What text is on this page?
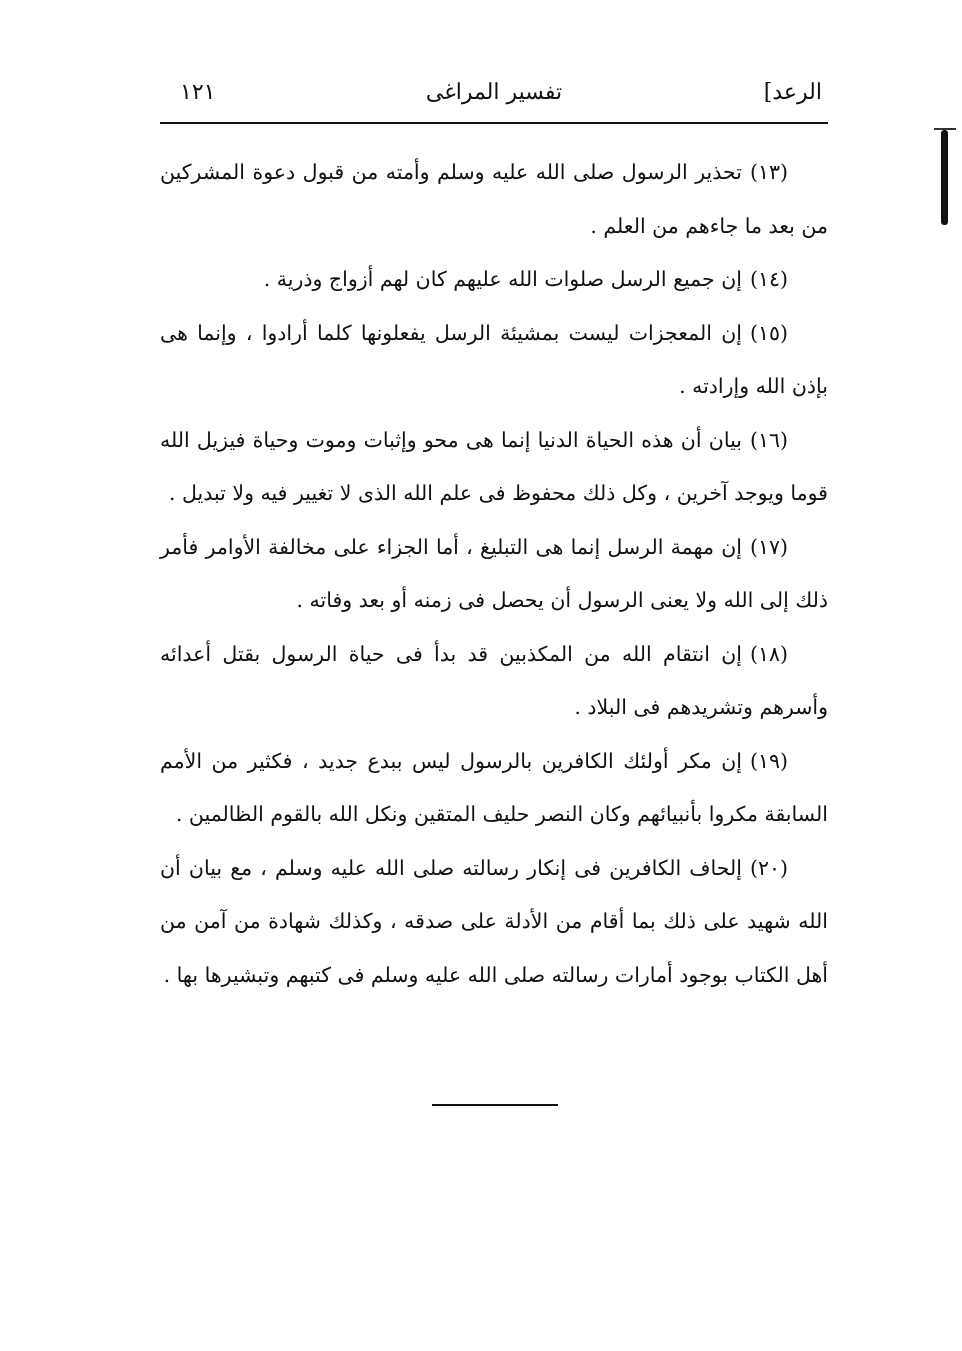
الرعد]
تفسير المراغى
١٢١

(١٣)تحذير الرسول صلى الله عليه وسلم وأمته من قبول دعوة المشركين من بعد ما جاءهم من العلم .

(١٤)إن جميع الرسل صلوات الله عليهم كان لهم أزواج وذرية .

(١٥)إن المعجزات ليست بمشيئة الرسل يفعلونها كلما أرادوا ، وإنما هى بإذن الله وإرادته .

(١٦)بيان أن هذه الحياة الدنيا إنما هى محو وإثبات وموت وحياة فيزيل الله قوما ويوجد آخرين ، وكل ذلك محفوظ فى علم الله الذى لا تغيير فيه ولا تبديل .

(١٧)إن مهمة الرسل إنما هى التبليغ ، أما الجزاء على مخالفة الأوامر فأمر ذلك إلى الله ولا يعنى الرسول أن يحصل فى زمنه أو بعد وفاته .

(١٨)إن انتقام الله من المكذبين قد بدأ فى حياة الرسول بقتل أعدائه وأسرهم وتشريدهم فى البلاد .

(١٩)إن مكر أولئك الكافرين بالرسول ليس ببدع جديد ، فكثير من الأمم السابقة مكروا بأنبيائهم وكان النصر حليف المتقين ونكل الله بالقوم الظالمين .

(٢٠)إلحاف الكافرين فى إنكار رسالته صلى الله عليه وسلم ، مع بيان أن الله شهيد على ذلك بما أقام من الأدلة على صدقه ، وكذلك شهادة من آمن من أهل الكتاب بوجود أمارات رسالته صلى الله عليه وسلم فى كتبهم وتبشيرها بها .
